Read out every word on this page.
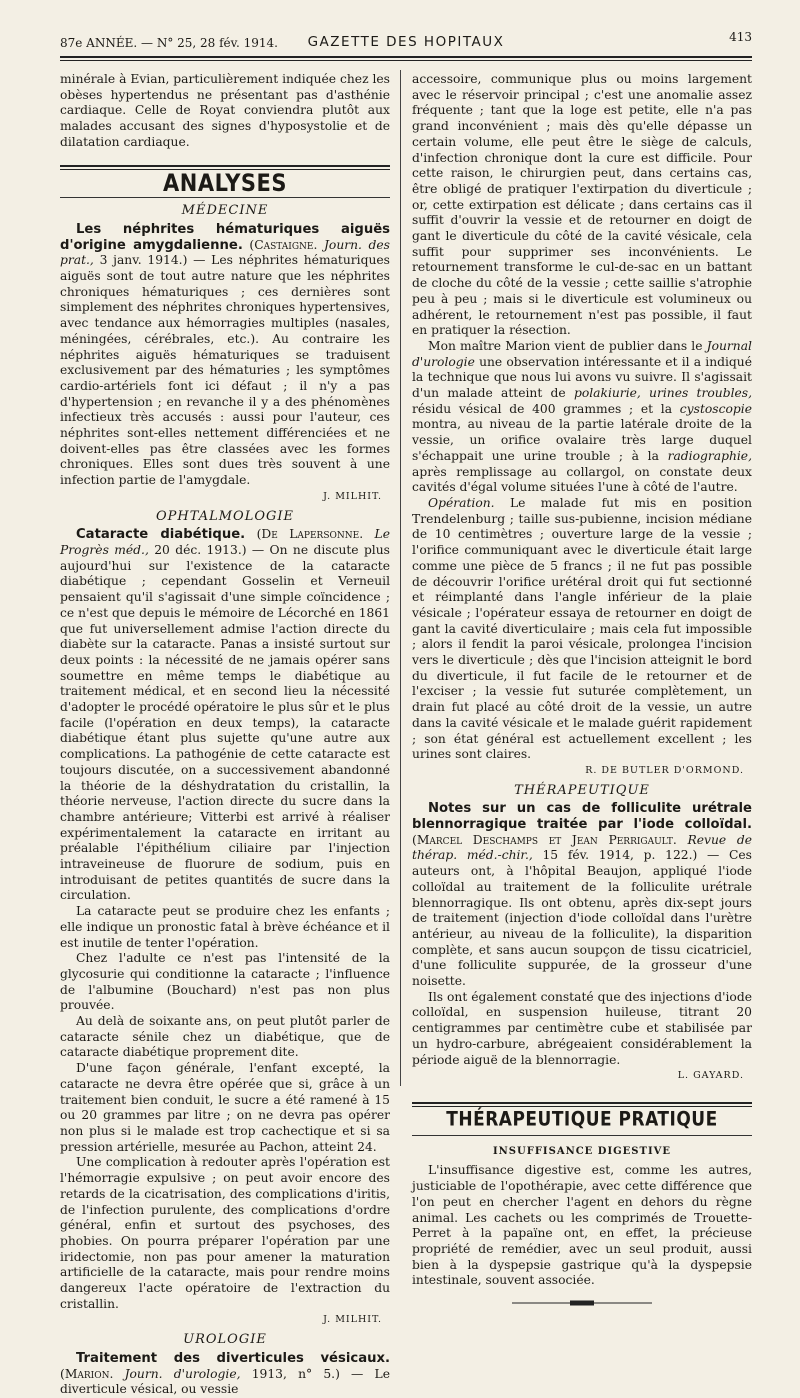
87e ANNÉE. — N° 25, 28 fév. 1914.	GAZETTE DES HOPITAUX	413

minérale à Evian, particulièrement indiquée chez les obèses hypertendus ne présentant pas d'asthénie cardiaque. Celle de Royat conviendra plutôt aux malades accusant des signes d'hyposystolie et de dilatation cardiaque.

ANALYSES
MÉDECINE

Les néphrites hématuriques aiguës d'origine amygdalienne. (Castaigne. Journ. des prat., 3 janv. 1914.) — Les néphrites hématuriques aiguës sont de tout autre nature que les néphrites chroniques hématuriques ; ces dernières sont simplement des néphrites chroniques hypertensives, avec tendance aux hémorragies multiples (nasales, méningées, cérébrales, etc.). Au contraire les néphrites aiguës hématuriques se traduisent exclusivement par des hématuries ; les symptômes cardio-artériels font ici défaut ; il n'y a pas d'hypertension ; en revanche il y a des phénomènes infectieux très accusés : aussi pour l'auteur, ces néphrites sont-elles nettement différenciées et ne doivent-elles pas être classées avec les formes chroniques. Elles sont dues très souvent à une infection partie de l'amygdale.

J. MILHIT.
OPHTALMOLOGIE

Cataracte diabétique. (De Lapersonne. Le Progrès méd., 20 déc. 1913.) — On ne discute plus aujourd'hui sur l'existence de la cataracte diabétique ; cependant Gosselin et Verneuil pensaient qu'il s'agissait d'une simple coïncidence ; ce n'est que depuis le mémoire de Lécorché en 1861 que fut universellement admise l'action directe du diabète sur la cataracte. Panas a insisté surtout sur deux points : la nécessité de ne jamais opérer sans soumettre en même temps le diabétique au traitement médical, et en second lieu la nécessité d'adopter le procédé opératoire le plus sûr et le plus facile (l'opération en deux temps), la cataracte diabétique étant plus sujette qu'une autre aux complications. La pathogénie de cette cataracte est toujours discutée, on a successivement abandonné la théorie de la déshydratation du cristallin, la théorie nerveuse, l'action directe du sucre dans la chambre antérieure; Vitterbi est arrivé à réaliser expérimentalement la cataracte en irritant au préalable l'épithélium ciliaire par l'injection intraveineuse de fluorure de sodium, puis en introduisant de petites quantités de sucre dans la circulation.

La cataracte peut se produire chez les enfants ; elle indique un pronostic fatal à brève échéance et il est inutile de tenter l'opération.

Chez l'adulte ce n'est pas l'intensité de la glycosurie qui conditionne la cataracte ; l'influence de l'albumine (Bouchard) n'est pas non plus prouvée.

Au delà de soixante ans, on peut plutôt parler de cataracte sénile chez un diabétique, que de cataracte diabétique proprement dite.

D'une façon générale, l'enfant excepté, la cataracte ne devra être opérée que si, grâce à un traitement bien conduit, le sucre a été ramené à 15 ou 20 grammes par litre ; on ne devra pas opérer non plus si le malade est trop cachectique et si sa pression artérielle, mesurée au Pachon, atteint 24.

Une complication à redouter après l'opération est l'hémorragie expulsive ; on peut avoir encore des retards de la cicatrisation, des complications d'iritis, de l'infection purulente, des complications d'ordre général, enfin et surtout des psychoses, des phobies. On pourra préparer l'opération par une iridectomie, non pas pour amener la maturation artificielle de la cataracte, mais pour rendre moins dangereux l'acte opératoire de l'extraction du cristallin.

J. MILHIT.
UROLOGIE

Traitement des diverticules vésicaux. (Marion. Journ. d'urologie, 1913, n° 5.) — Le diverticule vésical, ou vessie

accessoire, communique plus ou moins largement avec le réservoir principal ; c'est une anomalie assez fréquente ; tant que la loge est petite, elle n'a pas grand inconvénient ; mais dès qu'elle dépasse un certain volume, elle peut être le siège de calculs, d'infection chronique dont la cure est difficile. Pour cette raison, le chirurgien peut, dans certains cas, être obligé de pratiquer l'extirpation du diverticule ; or, cette extirpation est délicate ; dans certains cas il suffit d'ouvrir la vessie et de retourner en doigt de gant le diverticule du côté de la cavité vésicale, cela suffit pour supprimer ses inconvénients. Le retournement transforme le cul-de-sac en un battant de cloche du côté de la vessie ; cette saillie s'atrophie peu à peu ; mais si le diverticule est volumineux ou adhérent, le retournement n'est pas possible, il faut en pratiquer la résection.

Mon maître Marion vient de publier dans le Journal d'urologie une observation intéressante et il a indiqué la technique que nous lui avons vu suivre. Il s'agissait d'un malade atteint de polakiurie, urines troubles, résidu vésical de 400 grammes ; et la cystoscopie montra, au niveau de la partie latérale droite de la vessie, un orifice ovalaire très large duquel s'échappait une urine trouble ; à la radiographie, après remplissage au collargol, on constate deux cavités d'égal volume situées l'une à côté de l'autre.

Opération. Le malade fut mis en position Trendelenburg ; taille sus-pubienne, incision médiane de 10 centimètres ; ouverture large de la vessie ; l'orifice communiquant avec le diverticule était large comme une pièce de 5 francs ; il ne fut pas possible de découvrir l'orifice urétéral droit qui fut sectionné et réimplanté dans l'angle inférieur de la plaie vésicale ; l'opérateur essaya de retourner en doigt de gant la cavité diverticulaire ; mais cela fut impossible ; alors il fendit la paroi vésicale, prolongea l'incision vers le diverticule ; dès que l'incision atteignit le bord du diverticule, il fut facile de le retourner et de l'exciser ; la vessie fut suturée complètement, un drain fut placé au côté droit de la vessie, un autre dans la cavité vésicale et le malade guérit rapidement ; son état général est actuellement excellent ; les urines sont claires.

R. DE BUTLER D'ORMOND.
THÉRAPEUTIQUE

Notes sur un cas de folliculite urétrale blennorragique traitée par l'iode colloïdal. (Marcel Deschamps et Jean Perrigault. Revue de thérap. méd.-chir., 15 fév. 1914, p. 122.) — Ces auteurs ont, à l'hôpital Beaujon, appliqué l'iode colloïdal au traitement de la folliculite urétrale blennorragique. Ils ont obtenu, après dix-sept jours de traitement (injection d'iode colloïdal dans l'urètre antérieur, au niveau de la folliculite), la disparition complète, et sans aucun soupçon de tissu cicatriciel, d'une folliculite suppurée, de la grosseur d'une noisette.

Ils ont également constaté que des injections d'iode colloïdal, en suspension huileuse, titrant 20 centigrammes par centimètre cube et stabilisée par un hydro-carbure, abrégeaient considérablement la période aiguë de la blennorragie.

L. GAYARD.
THÉRAPEUTIQUE PRATIQUE
INSUFFISANCE DIGESTIVE

L'insuffisance digestive est, comme les autres, justiciable de l'opothérapie, avec cette différence que l'on peut en chercher l'agent en dehors du règne animal. Les cachets ou les comprimés de Trouette-Perret à la papaïne ont, en effet, la précieuse propriété de remédier, avec un seul produit, aussi bien à la dyspepsie gastrique qu'à la dyspepsie intestinale, souvent associée.
